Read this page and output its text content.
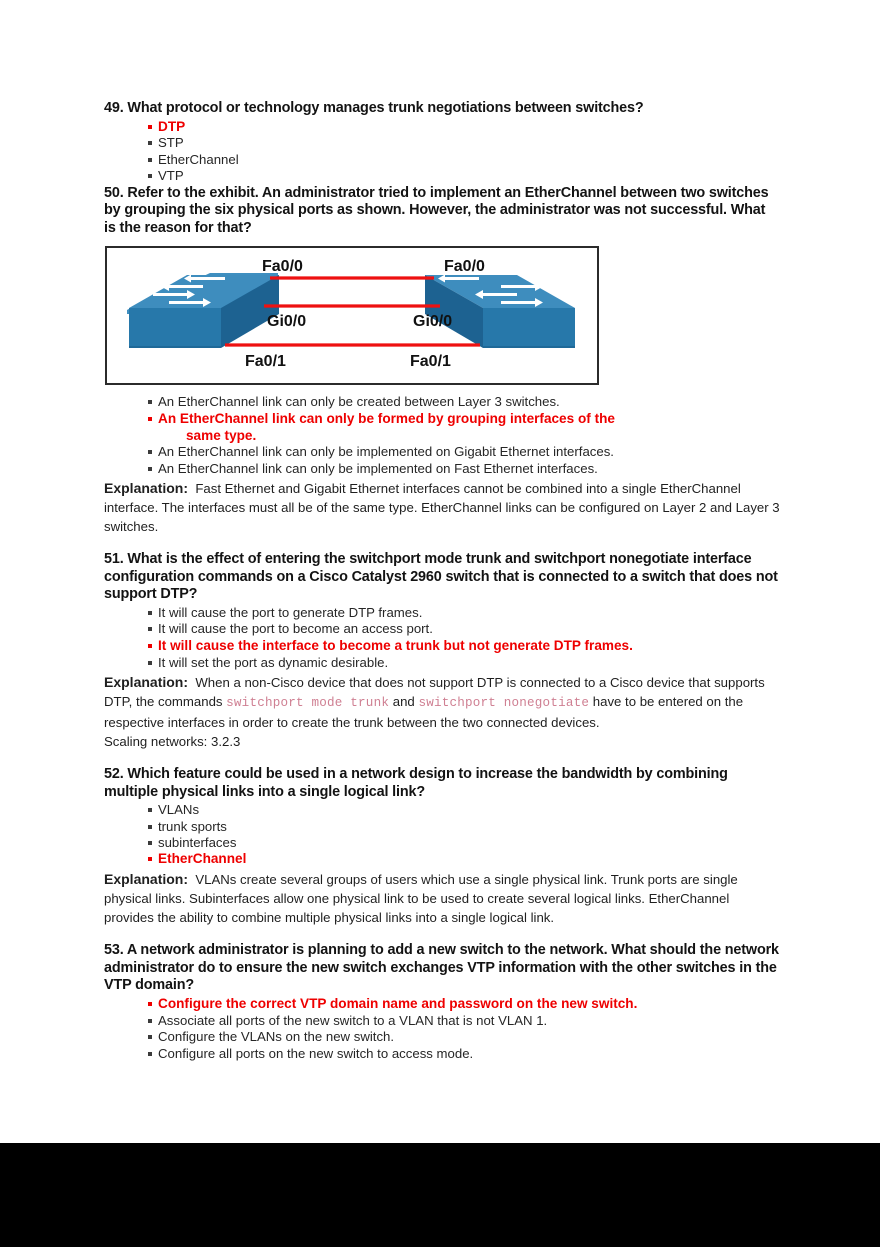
49. What protocol or technology manages trunk negotiations between switches?

DTP
STP
EtherChannel
VTP

50. Refer to the exhibit. An administrator tried to implement an EtherChannel between two switches by grouping the six physical ports as shown. However, the administrator was not successful. What is the reason for that?

Fa0/0	Fa0/0
Gi0/0	Gi0/0
Fa0/1	Fa0/1
An EtherChannel link can only be created between Layer 3 switches.
An EtherChannel link can only be formed by grouping interfaces of the
same type.
An EtherChannel link can only be implemented on Gigabit Ethernet interfaces.
An EtherChannel link can only be implemented on Fast Ethernet interfaces.

Explanation: Fast Ethernet and Gigabit Ethernet interfaces cannot be combined into a single EtherChannel interface. The interfaces must all be of the same type. EtherChannel links can be configured on Layer 2 and Layer 3 switches.

51. What is the effect of entering the switchport mode trunk and switchport nonegotiate interface configuration commands on a Cisco Catalyst 2960 switch that is connected to a switch that does not support DTP?

It will cause the port to generate DTP frames.
It will cause the port to become an access port.
It will cause the interface to become a trunk but not generate DTP frames.
It will set the port as dynamic desirable.

Explanation: When a non-Cisco device that does not support DTP is connected to a Cisco device that supports DTP, the commands switchport mode trunk and switchport nonegotiate have to be entered on the respective interfaces in order to create the trunk between the two connected devices.
Scaling networks: 3.2.3

52. Which feature could be used in a network design to increase the bandwidth by combining multiple physical links into a single logical link?

VLANs
trunk sports
subinterfaces
EtherChannel

Explanation: VLANs create several groups of users which use a single physical link. Trunk ports are single physical links. Subinterfaces allow one physical link to be used to create several logical links. EtherChannel provides the ability to combine multiple physical links into a single logical link.

53. A network administrator is planning to add a new switch to the network. What should the network administrator do to ensure the new switch exchanges VTP information with the other switches in the VTP domain?

Configure the correct VTP domain name and password on the new switch.
Associate all ports of the new switch to a VLAN that is not VLAN 1.
Configure the VLANs on the new switch.
Configure all ports on the new switch to access mode.
